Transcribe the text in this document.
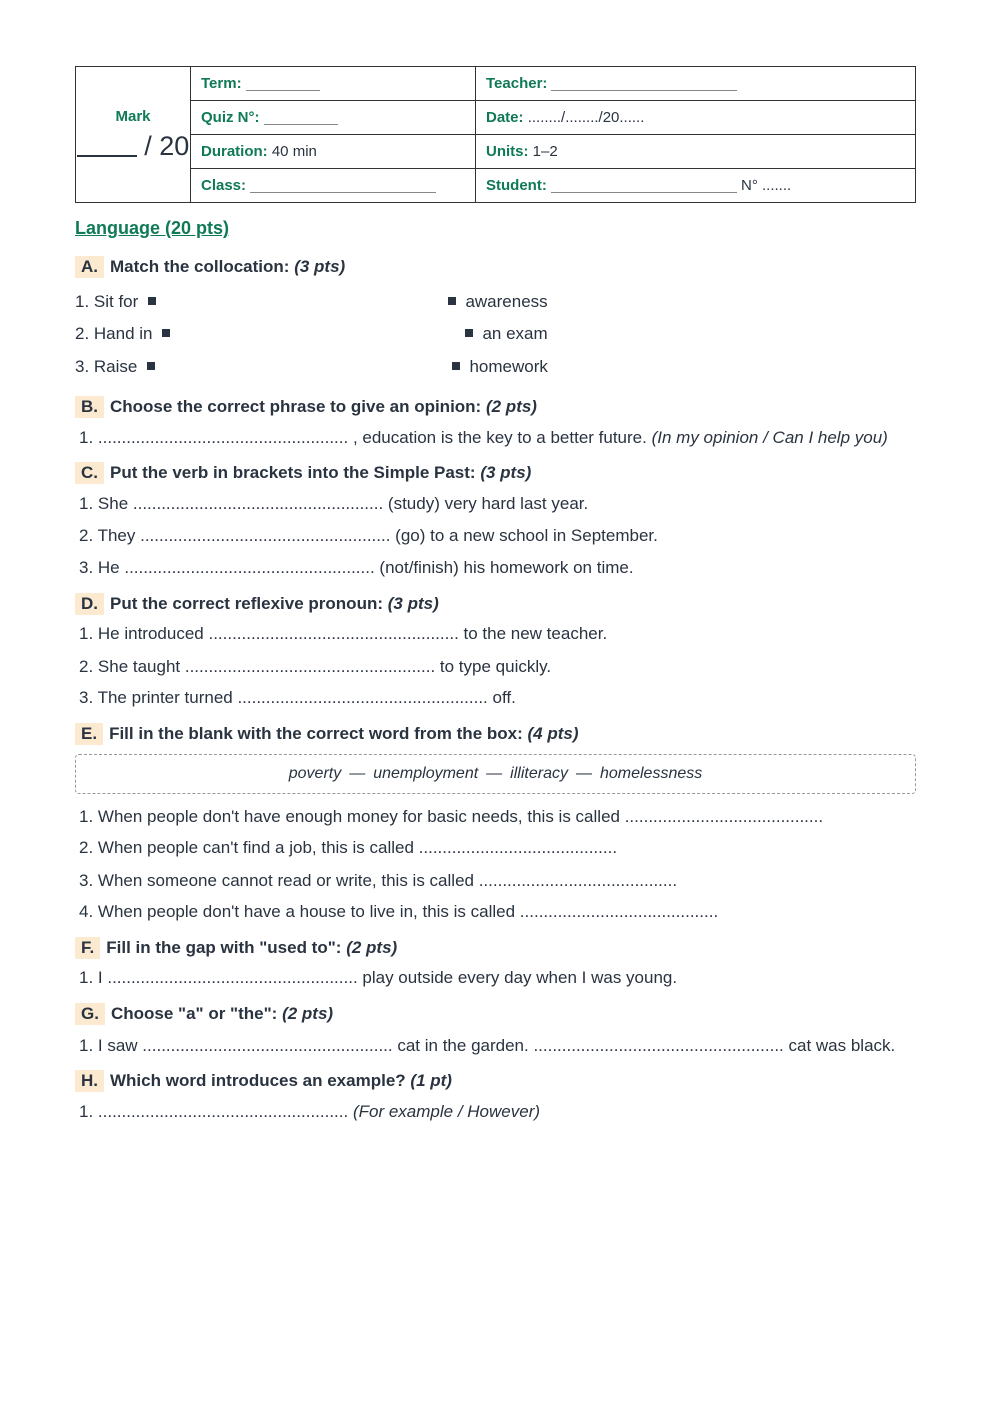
Mark
/ 20	Term:	Teacher:
	Quiz N°:	Date: ......../......../20......
	Duration: 40 min	Units: 1–2
	Class:	Student: N° .......
Language (20 pts)
A. Match the collocation: (3 pts)
1. Sit for
2. Hand in
3. Raise
awareness
an exam
homework
B. Choose the correct phrase to give an opinion: (2 pts)
1. ..................................................... , education is the key to a better future. (In my opinion / Can I help you)
C. Put the verb in brackets into the Simple Past: (3 pts)
1. She ..................................................... (study) very hard last year.
2. They ..................................................... (go) to a new school in September.
3. He ..................................................... (not/finish) his homework on time.
D. Put the correct reflexive pronoun: (3 pts)
1. He introduced ..................................................... to the new teacher.
2. She taught ..................................................... to type quickly.
3. The printer turned ..................................................... off.
E. Fill in the blank with the correct word from the box: (4 pts)
poverty — unemployment — illiteracy — homelessness
1. When people don't have enough money for basic needs, this is called ..........................................
2. When people can't find a job, this is called ..........................................
3. When someone cannot read or write, this is called ..........................................
4. When people don't have a house to live in, this is called ..........................................
F. Fill in the gap with "used to": (2 pts)
1. I ..................................................... play outside every day when I was young.
G. Choose "a" or "the": (2 pts)
1. I saw ..................................................... cat in the garden. ..................................................... cat was black.
H. Which word introduces an example? (1 pt)
1. ..................................................... (For example / However)
